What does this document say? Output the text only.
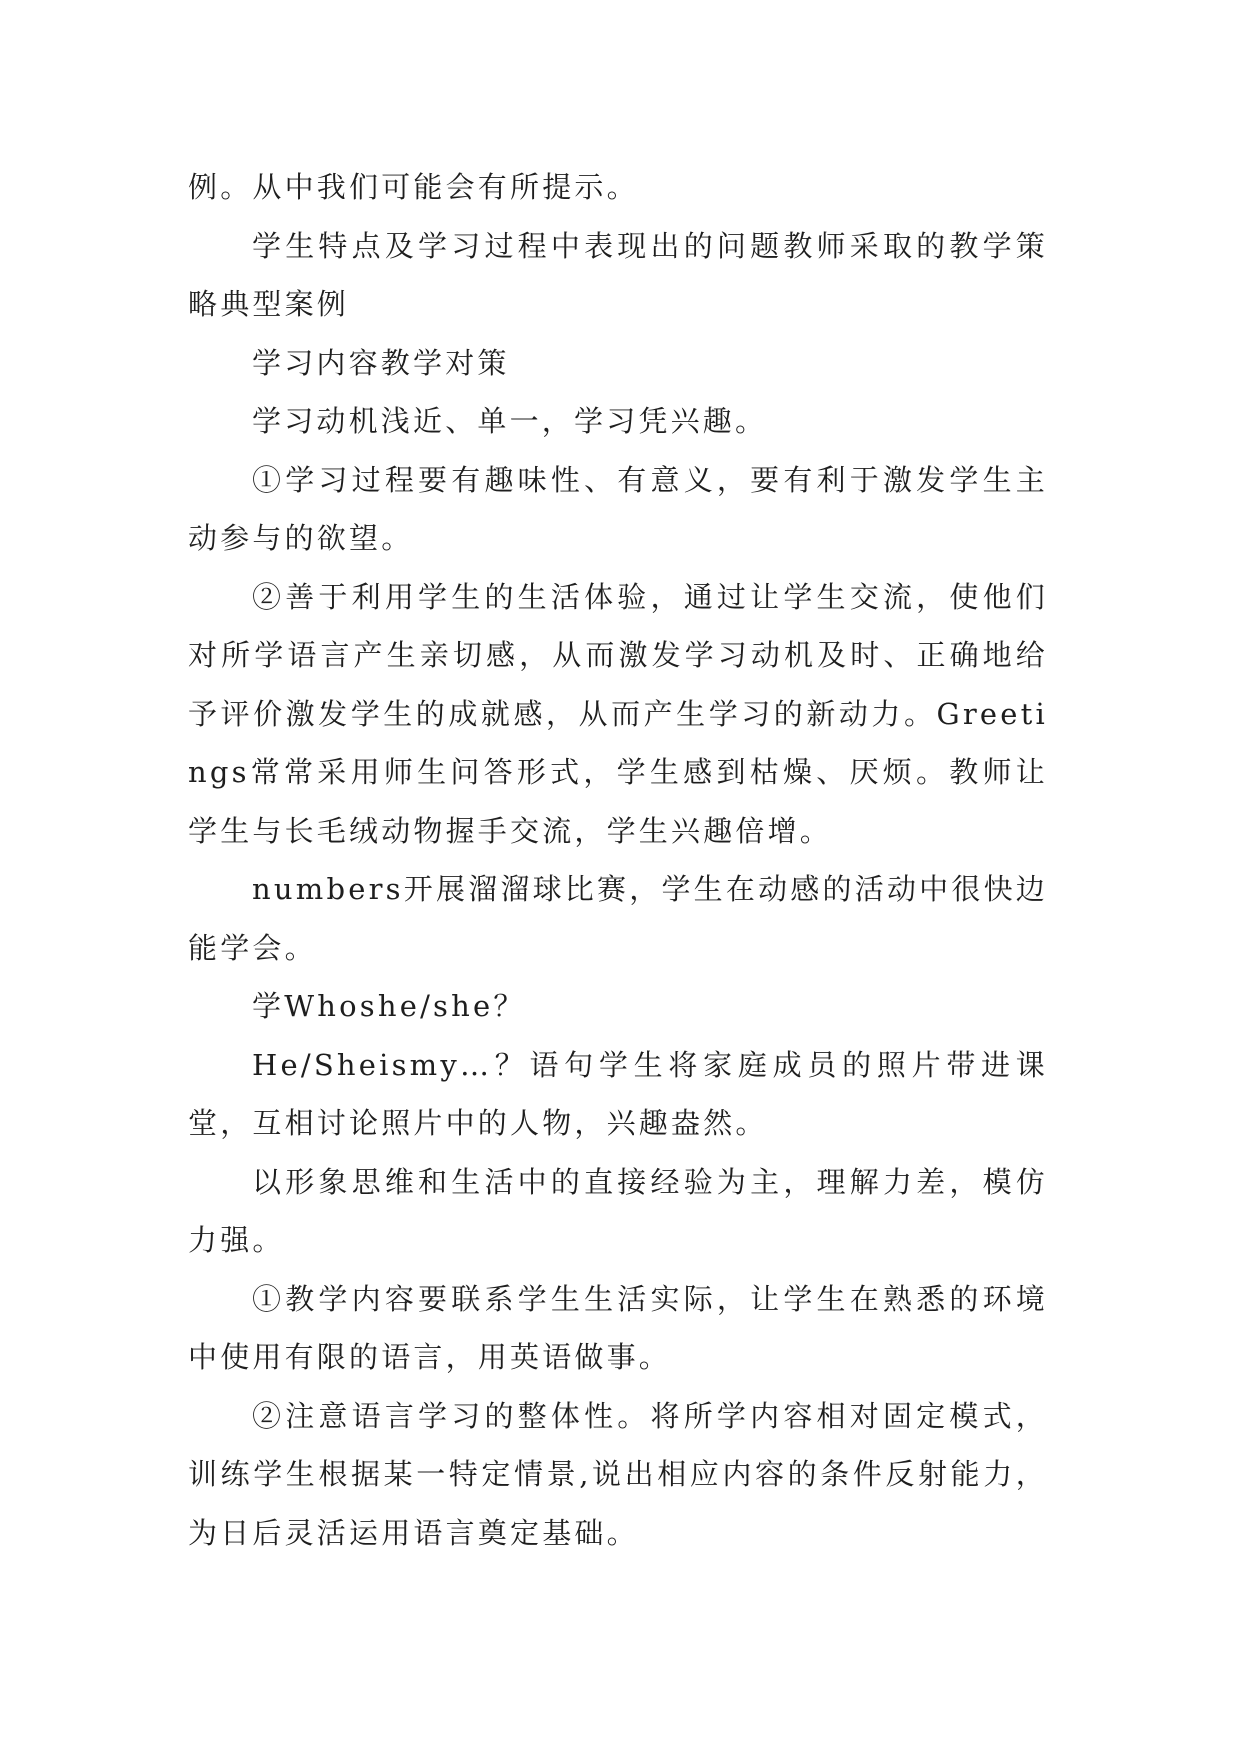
例。从中我们可能会有所提示。

学生特点及学习过程中表现出的问题教师采取的教学策略典型案例

学习内容教学对策

学习动机浅近、单一，学习凭兴趣。

①学习过程要有趣味性、有意义，要有利于激发学生主动参与的欲望。

②善于利用学生的生活体验，通过让学生交流，使他们对所学语言产生亲切感，从而激发学习动机及时、正确地给予评价激发学生的成就感，从而产生学习的新动力。Greetings常常采用师生问答形式，学生感到枯燥、厌烦。教师让学生与长毛绒动物握手交流，学生兴趣倍增。

numbers开展溜溜球比赛，学生在动感的活动中很快边能学会。

学Whoshe/she？

He/Sheismy…？语句学生将家庭成员的照片带进课堂，互相讨论照片中的人物，兴趣盎然。

以形象思维和生活中的直接经验为主，理解力差，模仿力强。

①教学内容要联系学生生活实际，让学生在熟悉的环境中使用有限的语言，用英语做事。

②注意语言学习的整体性。将所学内容相对固定模式，训练学生根据某一特定情景,说出相应内容的条件反射能力，为日后灵活运用语言奠定基础。
